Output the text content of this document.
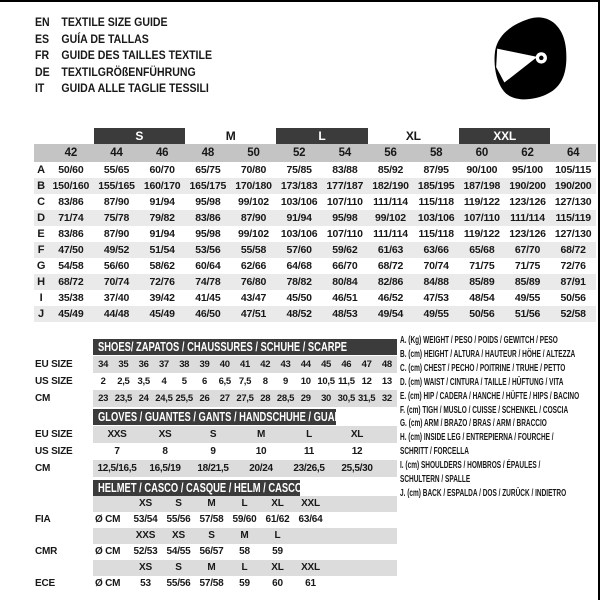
EN TEXTILE SIZE GUIDE
ES	GUÍA DE TALLAS
FR	GUIDE DES TAILLES TEXTILE
DE TEXTILGRÖßENFÜHRUNG
IT	GUIDA ALLE TAGLIE TESSILI
S	M	L	XL	XXL
42	44	46	48	50	52	54	56	58	60	62	64
A	50/60	55/65	60/70	65/75	70/80	75/85	83/88	85/92	87/95	90/100	95/100	105/115
B 150/160 155/165 160/170 165/175 170/180 173/183 177/187 182/190 185/195 187/198 190/200 190/200
C	83/86	87/90	91/94	95/98	99/102	103/106 107/110 111/114	115/118 119/122 123/126 127/130
D	71/74	75/78	79/82	83/86	87/90	91/94	95/98	99/102	103/106 107/110 111/114	115/119
E	83/86	87/90	91/94	95/98	99/102	103/106 107/110 111/114	115/118 119/122 123/126 127/130
F	47/50	49/52	51/54	53/56	55/58	57/60	59/62	61/63	63/66	65/68	67/70	68/72
G	54/58	56/60	58/62	60/64	62/66	64/68	66/70	68/72	70/74	71/75	71/75	72/76
H	68/72	70/74	72/76	74/78	76/80	78/82	80/84	82/86	84/88	85/89	85/89	87/91
I	35/38	37/40	39/42	41/45	43/47	45/50	46/51	46/52	47/53	48/54	49/55	50/56
J	45/49	44/48	45/49	46/50	47/51	48/52	48/53	49/54	49/55	50/56	51/56	52/58
SHOES/ ZAPATOS / CHAUSSURES / SCHUHE / SCARPE
EU SIZE	34	35	36	37	38	39	40	41	42	43	44	45	46	47	48
US SIZE	2	2,5 3,5	4	5	6	6,5 7,5	8	9	10 10,5 11,5 12	13
CM	23 23,5 24 24,5 25,5 26	27 27,5 28 28,5 29	30 30,5 31,5 32
GLOVES / GUANTES / GANTS / HANDSCHUHE / GUANTI
EU SIZE	XXS	XS	S	M	L	XL
US SIZE	7	8	9	10	11	12
CM	12,5/16,5	16,5/19	18/21,5	20/24	23/26,5	25,5/30
HELMET / CASCO / CASQUE / HELM / CASCO
XS	S	M	L	XL	XXL
FIA	Ø CM	53/54 55/56 57/58 59/60 61/62 63/64
XXS	XS	S	M	L
CMR	Ø CM	52/53 54/55 56/57	58	59
XS	S	M	L	XL	XXL
ECE	Ø CM	53	55/56 57/58	59	60	61
A. (Kg) WEIGHT / PESO / POIDS / GEWITCH / PESO
B. (cm) HEIGHT / ALTURA / HAUTEUR / HÖHE / ALTEZZA
C. (cm) CHEST / PECHO / POITRINE / TRUHE / PETTO
D. (cm) WAIST / CINTURA / TAILLE / HÜFTUNG / VITA
E. (cm) HIP / CADERA / HANCHE / HÜFTE / HIPS / BACINO
F. (cm) TIGH / MUSLO / CUISSE / SCHENKEL / COSCIA
G. (cm) ARM / BRAZO / BRAS / ARM / BRACCIO
H. (cm) INSIDE LEG / ENTREPIERNA / FOURCHE /
SCHRITT / FORCELLA
I. (cm) SHOULDERS / HOMBROS / ÉPAULES /
SCHULTERN / SPALLE
J. (cm) BACK / ESPALDA / DOS / ZURÜCK / INDIETRO
